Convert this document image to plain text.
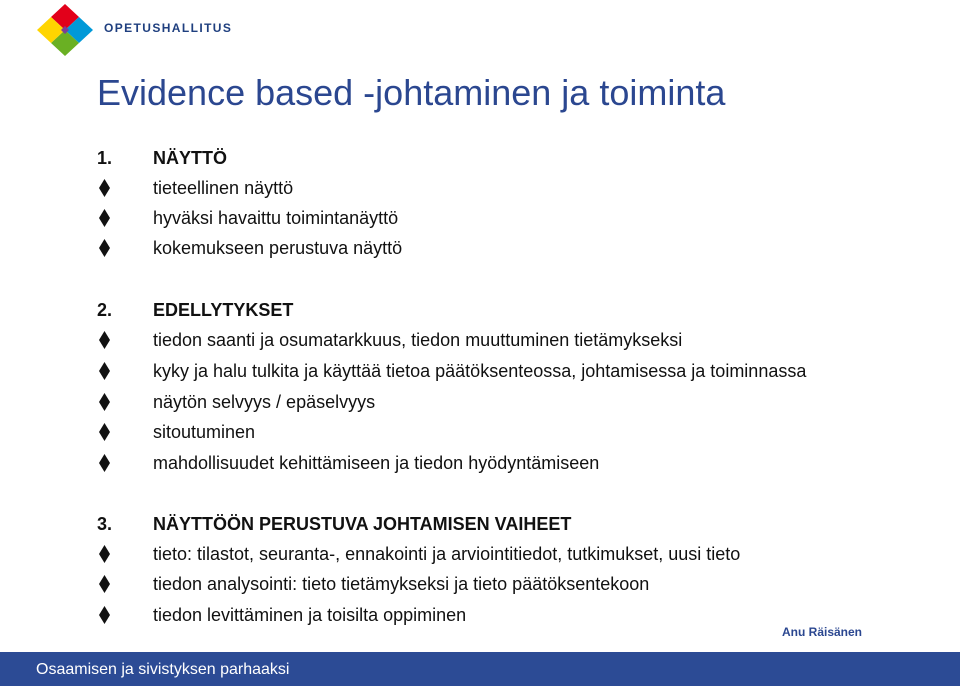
OPETUSHALLITUS
Evidence based -johtaminen ja toiminta
1.	NÄYTTÖ
tieteellinen näyttö
hyväksi havaittu toimintanäyttö
kokemukseen perustuva näyttö
2.	EDELLYTYKSET
tiedon saanti ja osumatarkkuus, tiedon muuttuminen tietämykseksi
kyky ja halu tulkita ja käyttää tietoa päätöksenteossa, johtamisessa ja toiminnassa
näytön selvyys / epäselvyys
sitoutuminen
mahdollisuudet kehittämiseen ja tiedon hyödyntämiseen
3.	NÄYTTÖÖN PERUSTUVA JOHTAMISEN VAIHEET
tieto: tilastot, seuranta-, ennakointi ja arviointitiedot, tutkimukset, uusi tieto
tiedon analysointi: tieto tietämykseksi ja tieto päätöksentekoon
tiedon levittäminen ja toisilta oppiminen
Anu Räisänen
Osaamisen ja sivistyksen parhaaksi
